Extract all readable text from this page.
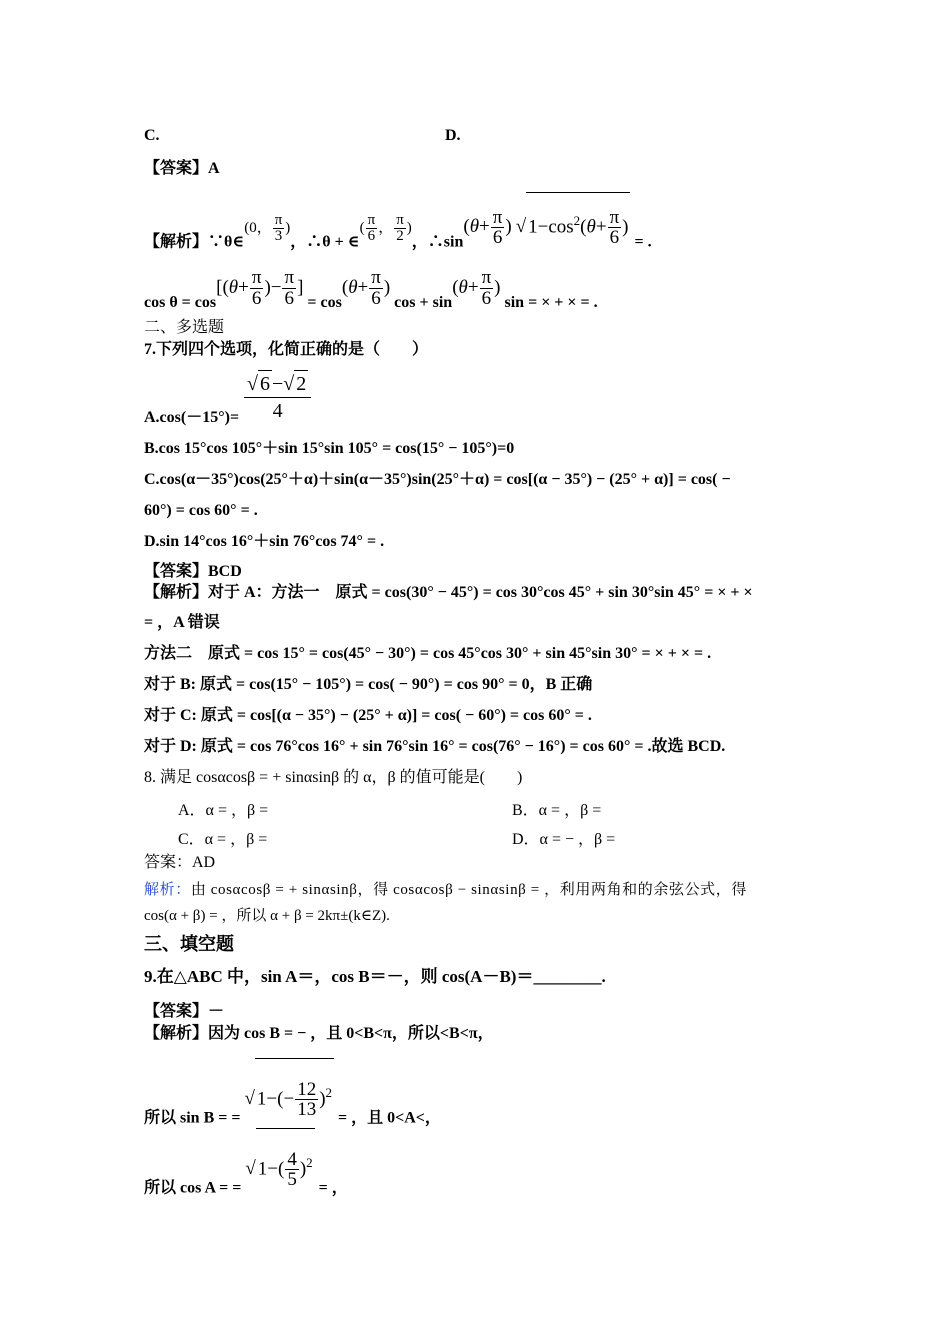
C.	D.
【答案】A
【解析】∵θ∈(0， $\frac{\pi}{3}$ )，∴θ + ∈( $\frac{\pi}{6}$ ， $\frac{\pi}{2}$ )，∴sin(θ+ $\frac{\pi}{6}$ ) √ $1-\cos^2(\theta+ \frac{\pi}{6}$ ) = .
$\cos \theta = \cos[(\theta+ \frac{\pi}{6}$ )− $\frac{\pi}{6}$ ] = $\cos(\theta+ \frac{\pi}{6}$ ) $\cos + \sin(\theta+ \frac{\pi}{6}$ ) sin = × + × = .
二、多选题
7.下列四个选项，化简正确的是（　　）
A.cos(－15°)=
√ 6 −√ 2
4
B.cos 15°cos 105°＋sin 15°sin 105° = cos(15° − 105°)=0
C.cos(α－35°)cos(25°＋α)＋sin(α－35°)sin(25°＋α) = cos[(α − 35°) − (25° + α)] = cos( −
60°) = cos 60° = .
D.sin 14°cos 16°＋sin 76°cos 74° = .
【答案】BCD
【解析】对于 A：方法一　原式 = cos(30° − 45°) = cos 30°cos 45° + sin 30°sin 45° = × + ×
= ，A 错误
方法二　原式 = cos 15° = cos(45° − 30°) = cos 45°cos 30° + sin 45°sin 30° = × + × = .
对于 B: 原式 = cos(15° − 105°) = cos( − 90°) = cos 90° = 0，B 正确
对于 C: 原式 = cos[(α − 35°) − (25° + α)] = cos( − 60°) = cos 60° = .
对于 D: 原式 = cos 76°cos 16° + sin 76°sin 16° = cos(76° − 16°) = cos 60° = .故选 BCD.
8. 满足 cosαcosβ = + sinαsinβ 的 α，β 的值可能是(　　)
A．α = ，β =	B．α = ，β =
C．α = ，β =	D．α = − ，β =
答案：AD
解析：由 cosαcosβ = + sinαsinβ，得 cosαcosβ − sinαsinβ = ，利用两角和的余弦公式，得
cos(α + β) = ，所以 α + β = 2kπ±(k∈Z).
三、填空题
9.在△ABC 中，sin A＝，cos B＝－，则 cos(A－B)＝________.
【答案】－
【解析】因为 cos B = − ，且 0<B<π，所以<B<π，
所以 sin B = = √ $1-(- \frac{12}{13} )^2$ = ，且 0<A<，
所以 cos A = = √ $1-( \frac{4}{5} )^2$ = ，
